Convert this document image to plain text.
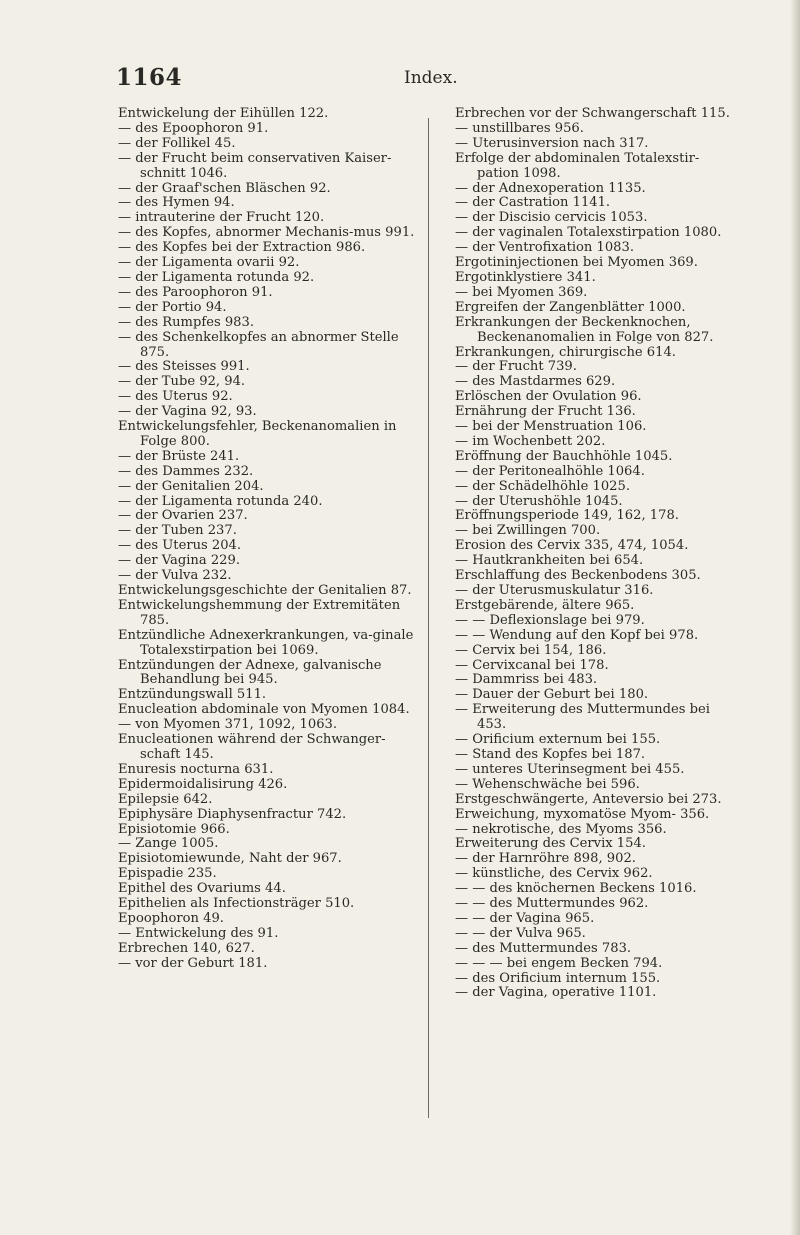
1164	Index.
Entwickelung der Eihüllen 122.
— des Epoophoron 91.
— der Follikel 45.
— der Frucht beim conservativen Kaiser-schnitt 1046.
— der Graaf'schen Bläschen 92.
— des Hymen 94.
— intrauterine der Frucht 120.
— des Kopfes, abnormer Mechanis-mus 991.
— des Kopfes bei der Extraction 986.
— der Ligamenta ovarii 92.
— der Ligamenta rotunda 92.
— des Paroophoron 91.
— der Portio 94.
— des Rumpfes 983.
— des Schenkelkopfes an abnormer Stelle 875.
— des Steisses 991.
— der Tube 92, 94.
— des Uterus 92.
— der Vagina 92, 93.
Entwickelungsfehler, Beckenanomalien in Folge 800.
— der Brüste 241.
— des Dammes 232.
— der Genitalien 204.
— der Ligamenta rotunda 240.
— der Ovarien 237.
— der Tuben 237.
— des Uterus 204.
— der Vagina 229.
— der Vulva 232.
Entwickelungsgeschichte der Genitalien 87.
Entwickelungshemmung der Extremitäten 785.
Entzündliche Adnexerkrankungen, va-ginale Totalexstirpation bei 1069.
Entzündungen der Adnexe, galvanische Behandlung bei 945.
Entzündungswall 511.
Enucleation abdominale von Myomen 1084.
— von Myomen 371, 1092, 1063.
Enucleationen während der Schwanger-schaft 145.
Enuresis nocturna 631.
Epidermoidalisirung 426.
Epilepsie 642.
Epiphysäre Diaphysenfractur 742.
Episiotomie 966.
— Zange 1005.
Episiotomiewunde, Naht der 967.
Epispadie 235.
Epithel des Ovariums 44.
Epithelien als Infectionsträger 510.
Epoophoron 49.
— Entwickelung des 91.
Erbrechen 140, 627.
— vor der Geburt 181.
Erbrechen vor der Schwangerschaft 115.
— unstillbares 956.
— Uterusinversion nach 317.
Erfolge der abdominalen Totalexstir-pation 1098.
— der Adnexoperation 1135.
— der Castration 1141.
— der Discisio cervicis 1053.
— der vaginalen Totalexstirpation 1080.
— der Ventrofixation 1083.
Ergotininjectionen bei Myomen 369.
Ergotinklystiere 341.
— bei Myomen 369.
Ergreifen der Zangenblätter 1000.
Erkrankungen der Beckenknochen, Beckenanomalien in Folge von 827.
Erkrankungen, chirurgische 614.
— der Frucht 739.
— des Mastdarmes 629.
Erlöschen der Ovulation 96.
Ernährung der Frucht 136.
— bei der Menstruation 106.
— im Wochenbett 202.
Eröffnung der Bauchhöhle 1045.
— der Peritonealhöhle 1064.
— der Schädelhöhle 1025.
— der Uterushöhle 1045.
Eröffnungsperiode 149, 162, 178.
— bei Zwillingen 700.
Erosion des Cervix 335, 474, 1054.
— Hautkrankheiten bei 654.
Erschlaffung des Beckenbodens 305.
— der Uterusmuskulatur 316.
Erstgebärende, ältere 965.
— — Deflexionslage bei 979.
— — Wendung auf den Kopf bei 978.
— Cervix bei 154, 186.
— Cervixcanal bei 178.
— Dammriss bei 483.
— Dauer der Geburt bei 180.
— Erweiterung des Muttermundes bei 453.
— Orificium externum bei 155.
— Stand des Kopfes bei 187.
— unteres Uterinsegment bei 455.
— Wehenschwäche bei 596.
Erstgeschwängerte, Anteversio bei 273.
Erweichung, myxomatöse Myom- 356.
— nekrotische, des Myoms 356.
Erweiterung des Cervix 154.
— der Harnröhre 898, 902.
— künstliche, des Cervix 962.
— — des knöchernen Beckens 1016.
— — des Muttermundes 962.
— — der Vagina 965.
— — der Vulva 965.
— des Muttermundes 783.
— — — bei engem Becken 794.
— des Orificium internum 155.
— der Vagina, operative 1101.
